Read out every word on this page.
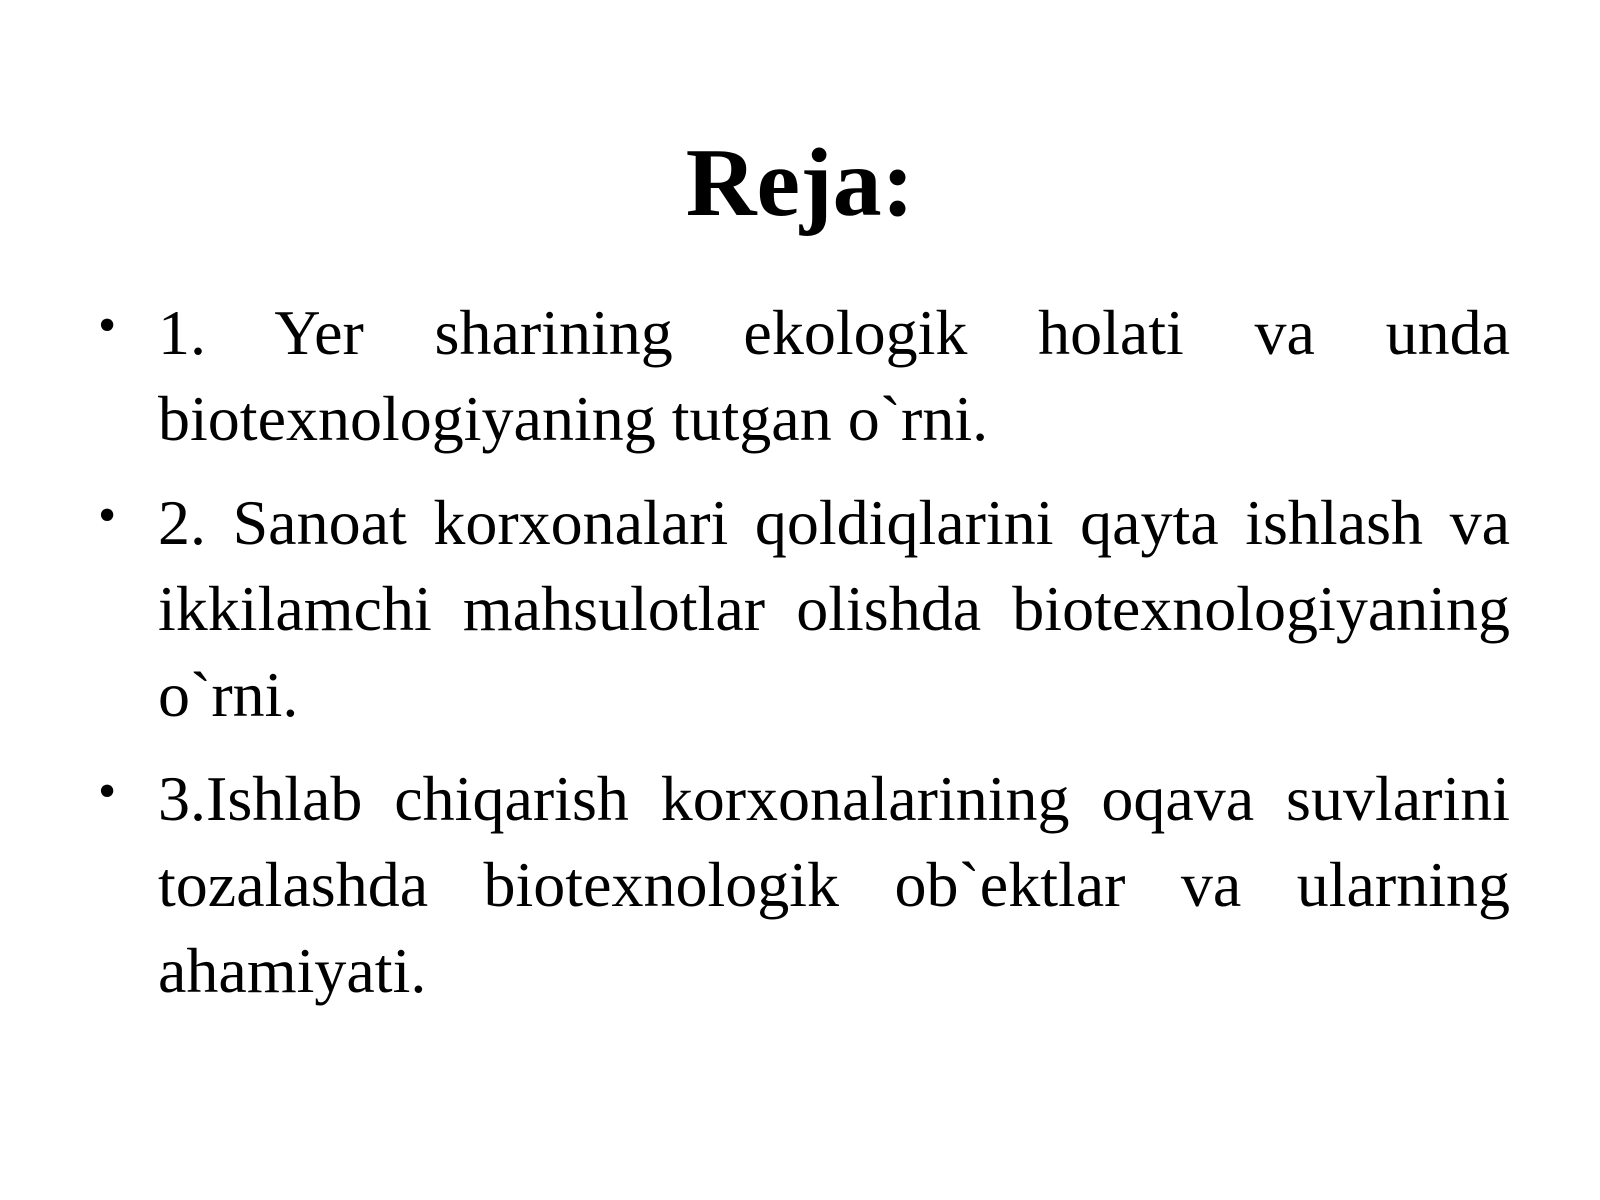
Reja:
• 1. Yer sharining ekologik holati va unda biotexnologiyaning tutgan o`rni.
• 2. Sanoat korxonalari qoldiqlarini qayta ishlash va ikkilamchi mahsulotlar olishda biotexnologiyaning o`rni.
• 3.Ishlab chiqarish korxonalarining oqava suvlarini tozalashda biotexnologik ob`ektlar va ularning ahamiyati.
